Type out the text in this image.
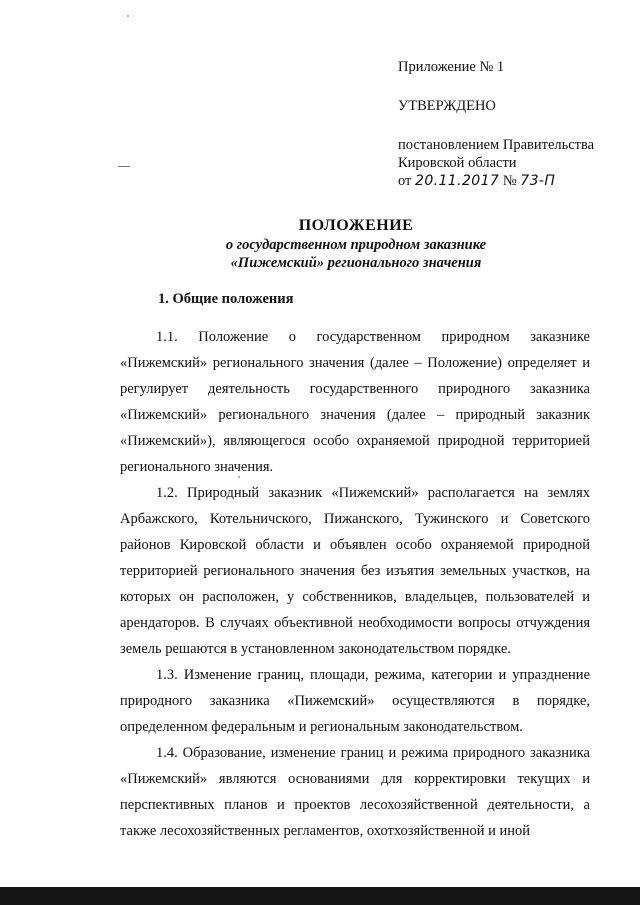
Приложение № 1
УТВЕРЖДЕНО
постановлением Правительства
Кировской области
от 20.11.2017 № 73-П
ПОЛОЖЕНИЕ
о государственном природном заказнике
«Пижемский» регионального значения
1. Общие положения

1.1. Положение о государственном природном заказнике
«Пижемский» регионального значения (далее – Положение) определяет и
регулирует деятельность государственного природного заказника
«Пижемский» регионального значения (далее – природный заказник
«Пижемский»), являющегося особо охраняемой природной территорией
регионального значения.

1.2. Природный заказник «Пижемский» располагается на землях
Арбажского, Котельничского, Пижанского, Тужинского и Советского
районов Кировской области и объявлен особо охраняемой природной
территорией регионального значения без изъятия земельных участков, на
которых он расположен, у собственников, владельцев, пользователей и
арендаторов. В случаях объективной необходимости вопросы отчуждения
земель решаются в установленном законодательством порядке.

1.3. Изменение границ, площади, режима, категории и упразднение
природного заказника «Пижемский» осуществляются в порядке,
определенном федеральным и региональным законодательством.

1.4. Образование, изменение границ и режима природного заказника
«Пижемский» являются основаниями для корректировки текущих и
перспективных планов и проектов лесохозяйственной деятельности, а
также лесохозяйственных регламентов, охотхозяйственной и иной
